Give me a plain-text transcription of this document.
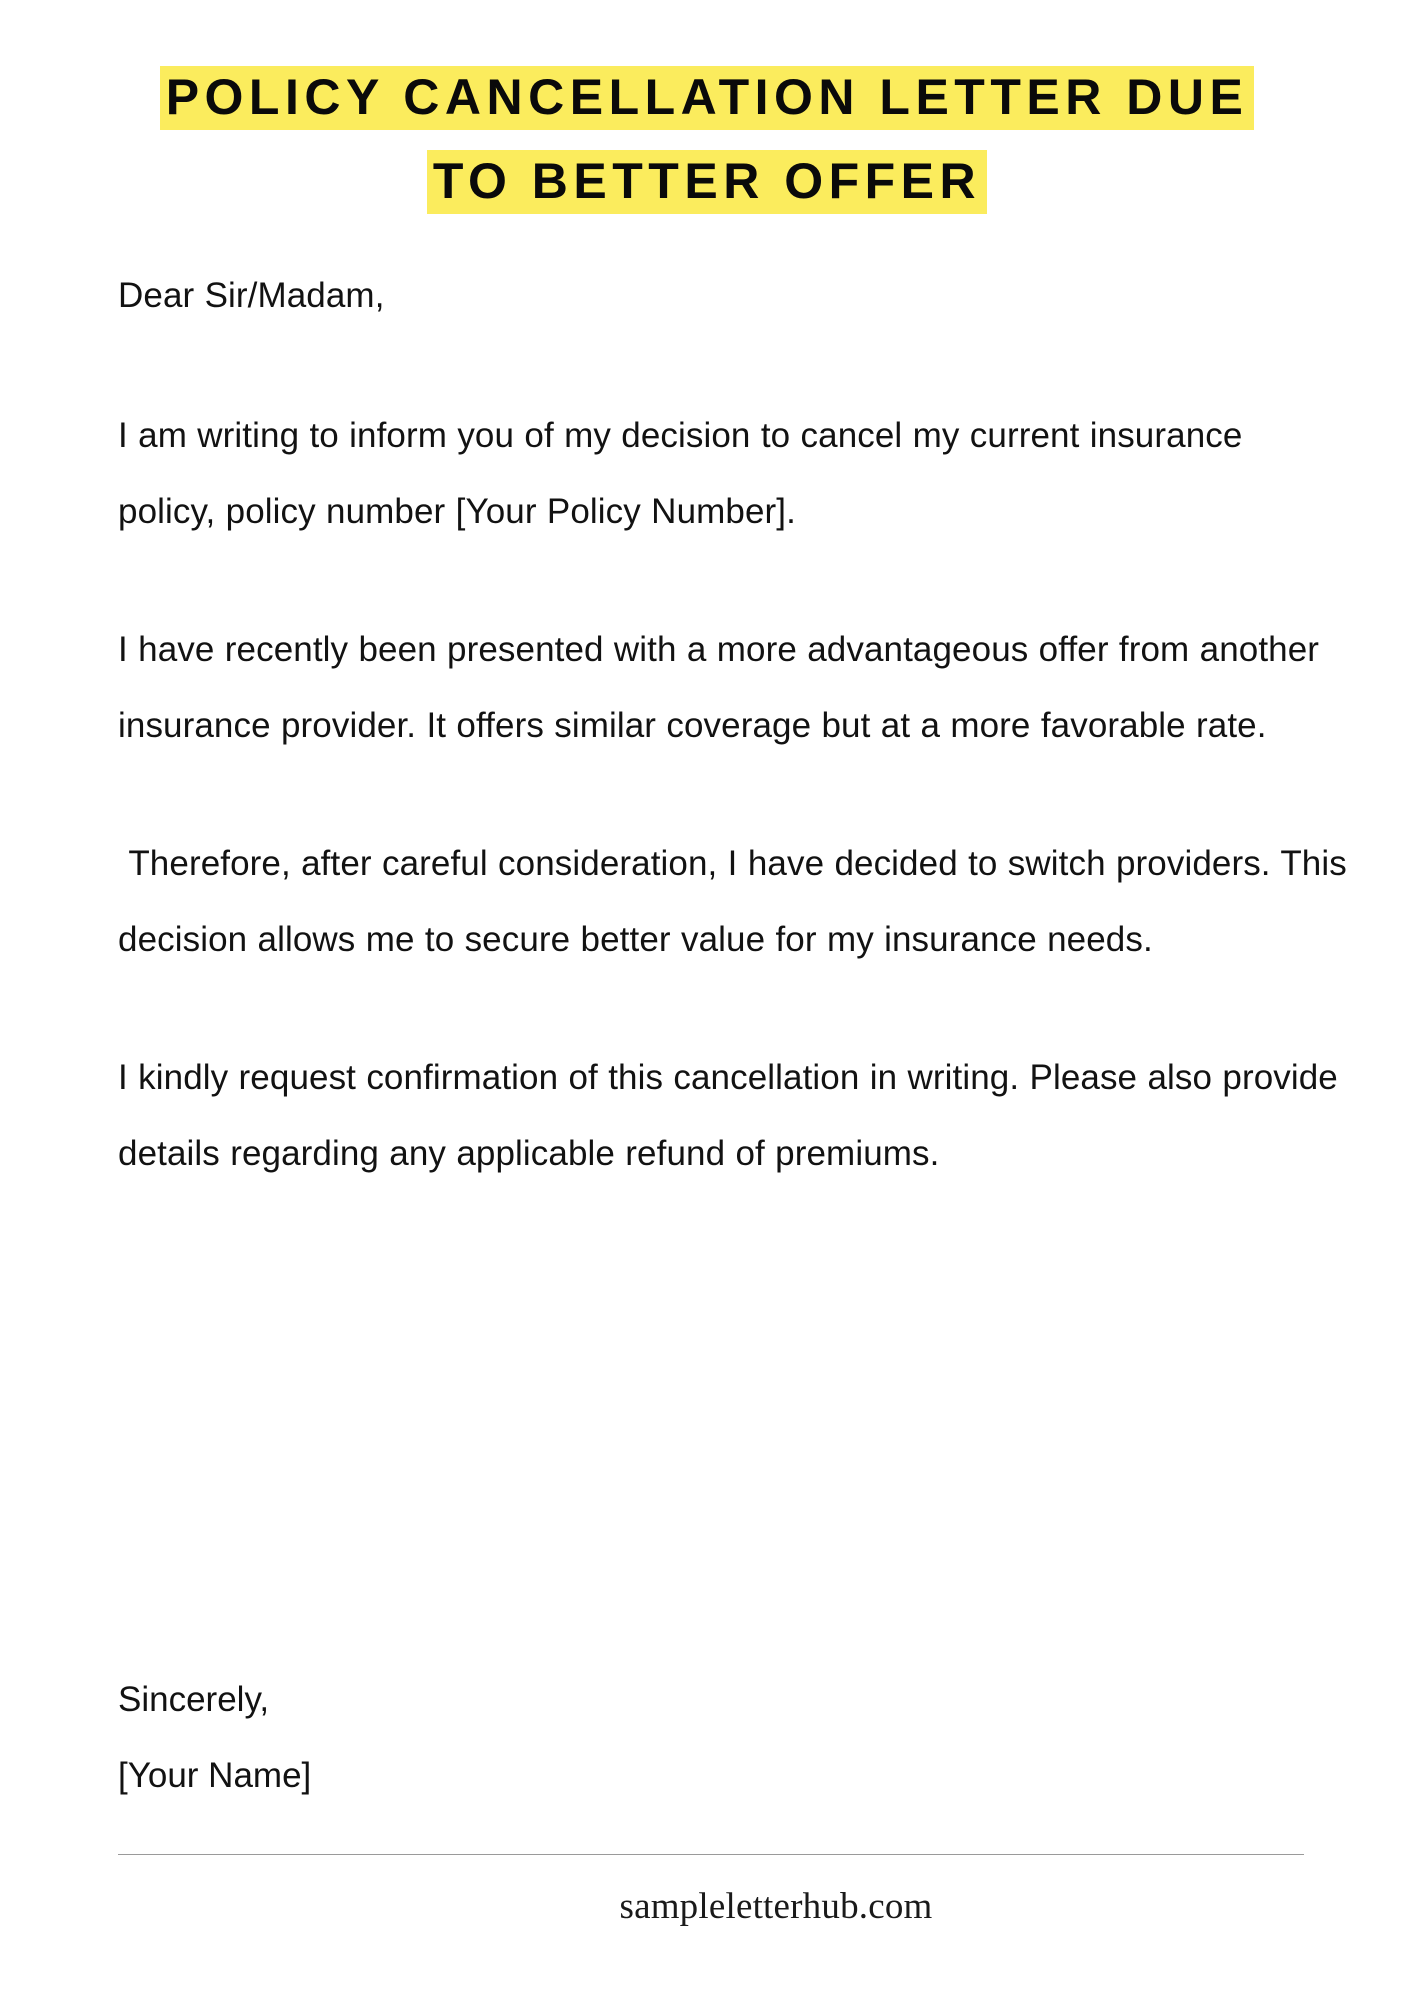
POLICY CANCELLATION LETTER DUE
TO BETTER OFFER

Dear Sir/Madam,

I am writing to inform you of my decision to cancel my current insurance policy, policy number [Your Policy Number].

I have recently been presented with a more advantageous offer from another insurance provider. It offers similar coverage but at a more favorable rate.

Therefore, after careful consideration, I have decided to switch providers. This decision allows me to secure better value for my insurance needs.

I kindly request confirmation of this cancellation in writing. Please also provide details regarding any applicable refund of premiums.

Sincerely,

[Your Name]

sampleletterhub.com
